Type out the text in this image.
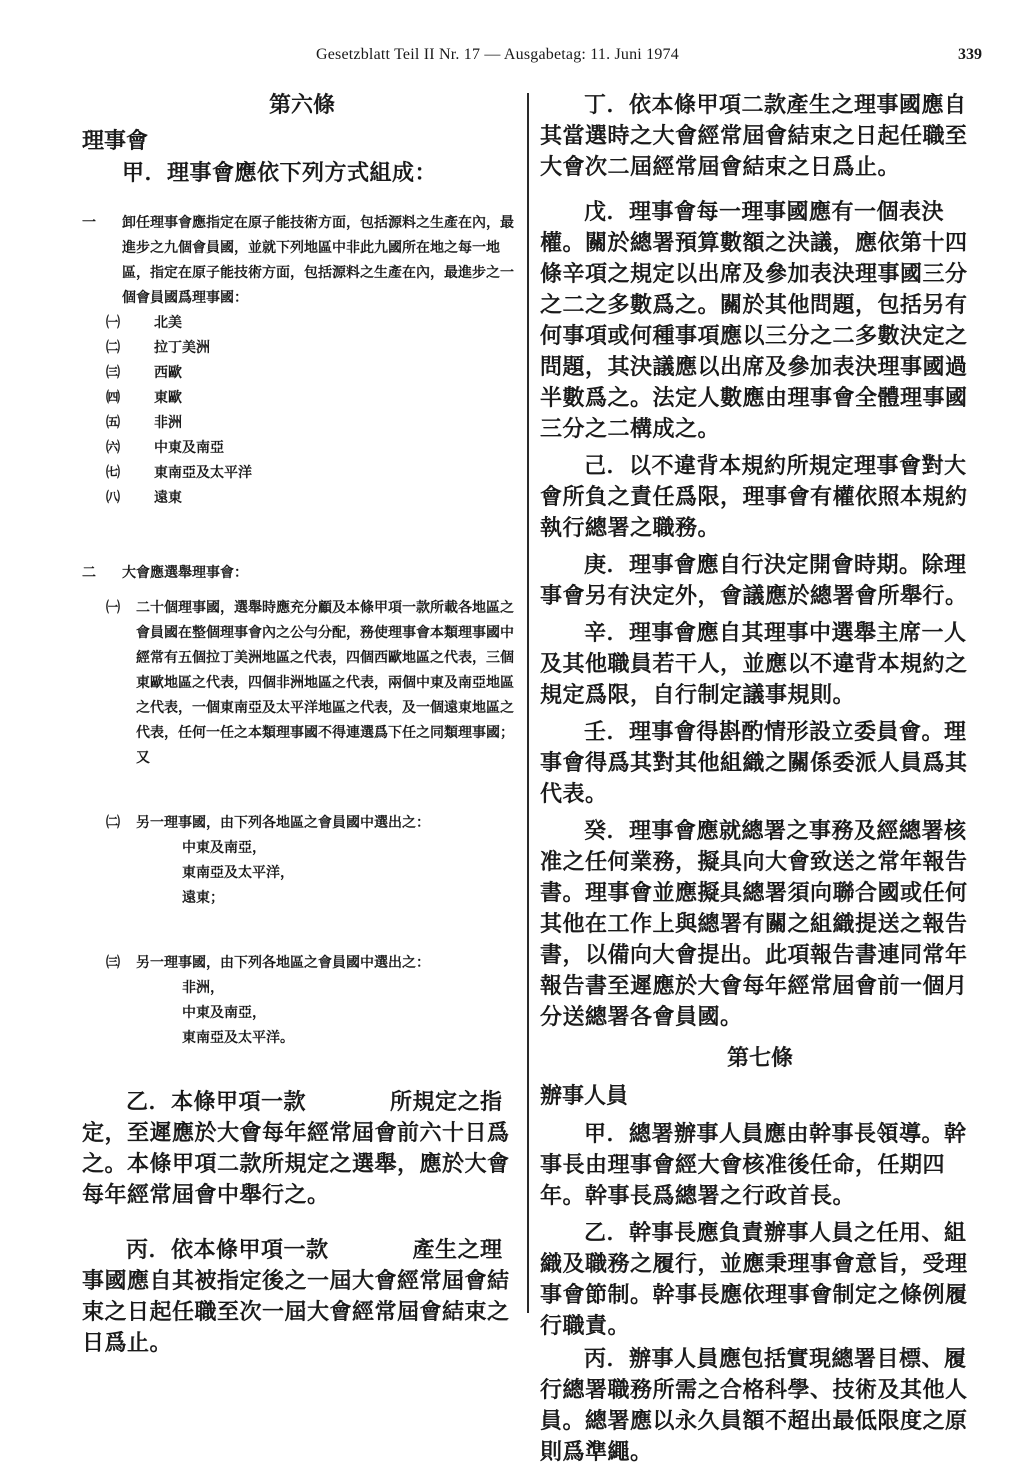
Gesetzblatt Teil II Nr. 17 — Ausgabetag: 11. Juni 1974	339

第六條

理事會

甲．理事會應依下列方式組成：

一 卸任理事會應指定在原子能技術方面，包括源料之生產在內，最進步之九個會員國，並就下列地區中非此九國所在地之每一地區，指定在原子能技術方面，包括源料之生產在內，最進步之一個會員國爲理事國：
㈠ 北美
㈡ 拉丁美洲
㈢ 西歐
㈣ 東歐
㈤ 非洲
㈥ 中東及南亞
㈦ 東南亞及太平洋
㈧ 遠東
二 大會應選舉理事會：
㈠ 二十個理事國，選舉時應充分顧及本條甲項一款所載各地區之會員國在整個理事會內之公勻分配，務使理事會本類理事國中經常有五個拉丁美洲地區之代表，四個西歐地區之代表，三個東歐地區之代表，四個非洲地區之代表，兩個中東及南亞地區之代表，一個東南亞及太平洋地區之代表，及一個遠東地區之代表，任何一任之本類理事國不得連選爲下任之同類理事國；又
㈡ 另一理事國，由下列各地區之會員國中選出之：
中東及南亞，
東南亞及太平洋，
遠東；
㈢ 另一理事國，由下列各地區之會員國中選出之：
非洲，
中東及南亞，
東南亞及太平洋。

乙．本條甲項一款	所規定之指定，至遲應於大會每年經常屆會前六十日爲之。本條甲項二款所規定之選舉，應於大會每年經常屆會中舉行之。

丙．依本條甲項一款	產生之理事國應自其被指定後之一屆大會經常屆會結束之日起任職至次一屆大會經常屆會結束之日爲止。

丁．依本條甲項二款產生之理事國應自其當選時之大會經常屆會結束之日起任職至大會次二屆經常屆會結束之日爲止。

戊．理事會每一理事國應有一個表決權。關於總署預算數額之決議，應依第十四條辛項之規定以出席及參加表決理事國三分之二之多數爲之。關於其他問題，包括另有何事項或何種事項應以三分之二多數決定之問題，其決議應以出席及參加表決理事國過半數爲之。法定人數應由理事會全體理事國三分之二構成之。

己．以不違背本規約所規定理事會對大會所負之責任爲限，理事會有權依照本規約執行總署之職務。

庚．理事會應自行決定開會時期。除理事會另有決定外，會議應於總署會所舉行。

辛．理事會應自其理事中選舉主席一人及其他職員若干人，並應以不違背本規約之規定爲限，自行制定議事規則。

壬．理事會得斟酌情形設立委員會。理事會得爲其對其他組織之關係委派人員爲其代表。

癸．理事會應就總署之事務及經總署核准之任何業務，擬具向大會致送之常年報告書。理事會並應擬具總署須向聯合國或任何其他在工作上與總署有關之組織提送之報告書，以備向大會提出。此項報告書連同常年報告書至遲應於大會每年經常屆會前一個月分送總署各會員國。

第七條

辦事人員

甲．總署辦事人員應由幹事長領導。幹事長由理事會經大會核准後任命，任期四年。幹事長爲總署之行政首長。

乙．幹事長應負責辦事人員之任用、組織及職務之履行，並應秉理事會意旨，受理事會節制。幹事長應依理事會制定之條例履行職責。

丙．辦事人員應包括實現總署目標、履行總署職務所需之合格科學、技術及其他人員。總署應以永久員額不超出最低限度之原則爲準繩。
